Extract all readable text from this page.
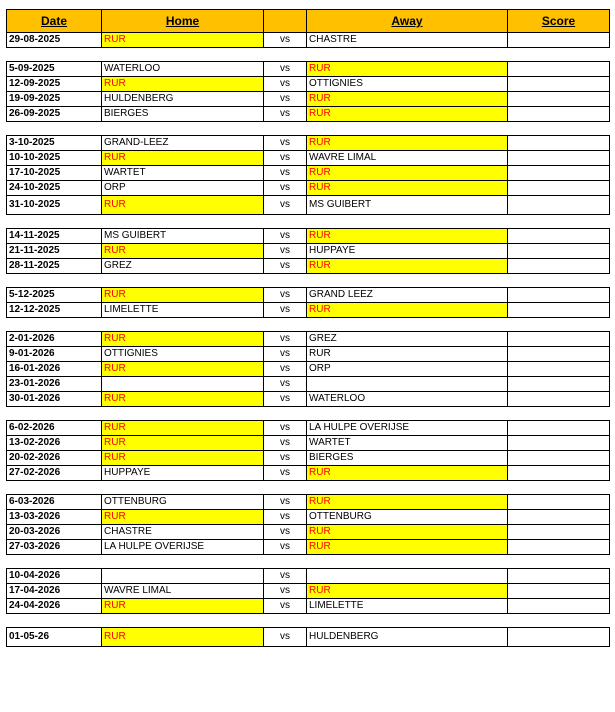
Date	Home		Away	Score
29-08-2025	RUR	vs	CHASTRE	

5-09-2025	WATERLOO	vs	RUR	
12-09-2025	RUR	vs	OTTIGNIES	
19-09-2025	HULDENBERG	vs	RUR	
26-09-2025	BIERGES	vs	RUR	

3-10-2025	GRAND-LEEZ	vs	RUR	
10-10-2025	RUR	vs	WAVRE LIMAL	
17-10-2025	WARTET	vs	RUR	
24-10-2025	ORP	vs	RUR	
31-10-2025	RUR	vs	MS GUIBERT	

14-11-2025	MS GUIBERT	vs	RUR	
21-11-2025	RUR	vs	HUPPAYE	
28-11-2025	GREZ	vs	RUR	

5-12-2025	RUR	vs	GRAND LEEZ	
12-12-2025	LIMELETTE	vs	RUR	

2-01-2026	RUR	vs	GREZ	
9-01-2026	OTTIGNIES	vs	RUR	
16-01-2026	RUR	vs	ORP	
23-01-2026		vs		
30-01-2026	RUR	vs	WATERLOO	

6-02-2026	RUR	vs	LA HULPE OVERIJSE	
13-02-2026	RUR	vs	WARTET	
20-02-2026	RUR	vs	BIERGES	
27-02-2026	HUPPAYE	vs	RUR	

6-03-2026	OTTENBURG	vs	RUR	
13-03-2026	RUR	vs	OTTENBURG	
20-03-2026	CHASTRE	vs	RUR	
27-03-2026	LA HULPE OVERIJSE	vs	RUR	

10-04-2026		vs		
17-04-2026	WAVRE LIMAL	vs	RUR	
24-04-2026	RUR	vs	LIMELETTE	

01-05-26	RUR	vs	HULDENBERG	
